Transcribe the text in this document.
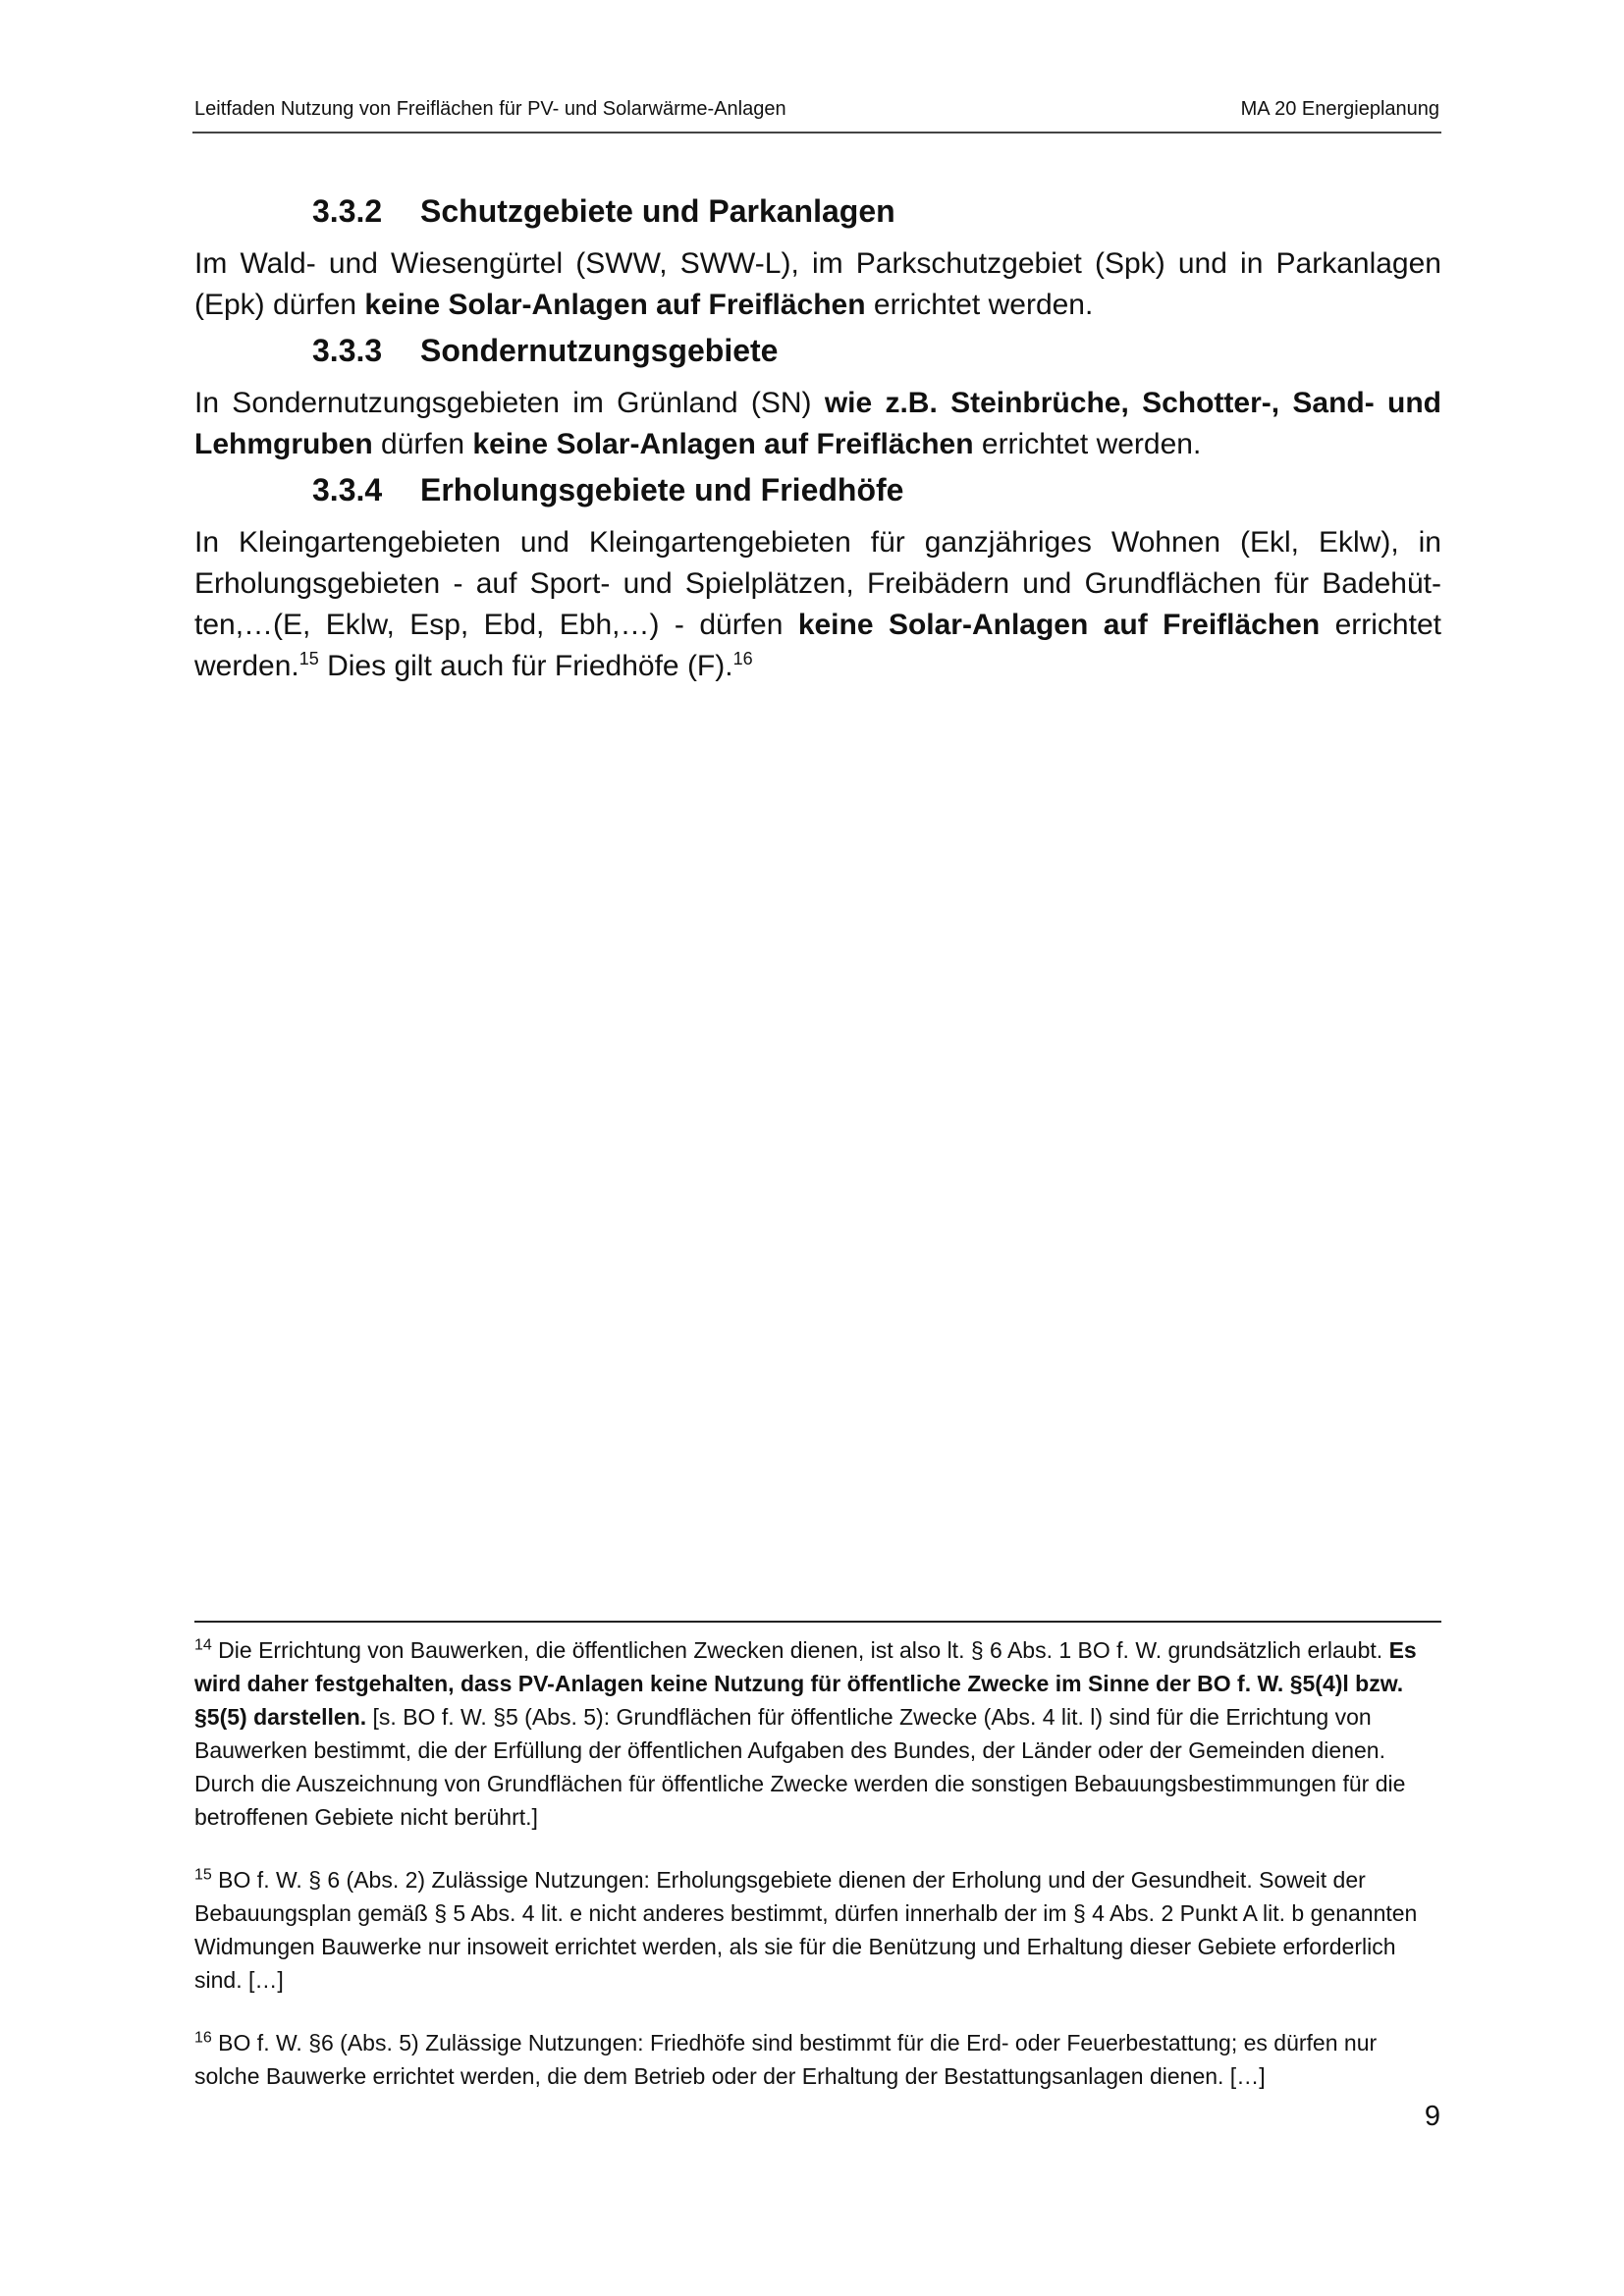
Leitfaden Nutzung von Freiflächen für PV- und Solarwärme-Anlagen	MA 20 Energieplanung
3.3.2 Schutzgebiete und Parkanlagen

Im Wald- und Wiesengürtel (SWW, SWW-L), im Parkschutzgebiet (Spk) und in Parkanlagen (Epk) dürfen keine Solar-Anlagen auf Freiflächen errichtet werden.

3.3.3 Sondernutzungsgebiete

In Sondernutzungsgebieten im Grünland (SN) wie z.B. Steinbrüche, Schotter-, Sand- und Lehmgruben dürfen keine Solar-Anlagen auf Freiflächen errichtet werden.

3.3.4 Erholungsgebiete und Friedhöfe

In Kleingartengebieten und Kleingartengebieten für ganzjähriges Wohnen (Ekl, Eklw), in Erholungsgebieten - auf Sport- und Spielplätzen, Freibädern und Grundflächen für Badehütten,…(E, Eklw, Esp, Ebd, Ebh,…) - dürfen keine Solar-Anlagen auf Freiflächen errichtet werden.$^{15}$ Dies gilt auch für Friedhöfe (F).$^{16}$

$^{14}$ Die Errichtung von Bauwerken, die öffentlichen Zwecken dienen, ist also lt. § 6 Abs. 1 BO f. W. grundsätzlich erlaubt. Es wird daher festgehalten, dass PV-Anlagen keine Nutzung für öffentliche Zwecke im Sinne der BO f. W. §5(4)l bzw. §5(5) darstellen. [s. BO f. W. §5 (Abs. 5): Grundflächen für öffentliche Zwecke (Abs. 4 lit. l) sind für die Errichtung von Bauwerken bestimmt, die der Erfüllung der öffentlichen Aufgaben des Bundes, der Länder oder der Gemeinden dienen. Durch die Auszeichnung von Grundflächen für öffentliche Zwecke werden die sonstigen Bebauungsbestimmungen für die betroffenen Gebiete nicht berührt.]

$^{15}$ BO f. W. § 6 (Abs. 2) Zulässige Nutzungen: Erholungsgebiete dienen der Erholung und der Gesundheit. Soweit der Bebauungsplan gemäß § 5 Abs. 4 lit. e nicht anderes bestimmt, dürfen innerhalb der im § 4 Abs. 2 Punkt A lit. b genannten Widmungen Bauwerke nur insoweit errichtet werden, als sie für die Benützung und Erhaltung dieser Gebiete erforderlich sind. […]

$^{16}$ BO f. W. §6 (Abs. 5) Zulässige Nutzungen: Friedhöfe sind bestimmt für die Erd- oder Feuerbestattung; es dürfen nur solche Bauwerke errichtet werden, die dem Betrieb oder der Erhaltung der Bestattungsanlagen dienen. […]

9
